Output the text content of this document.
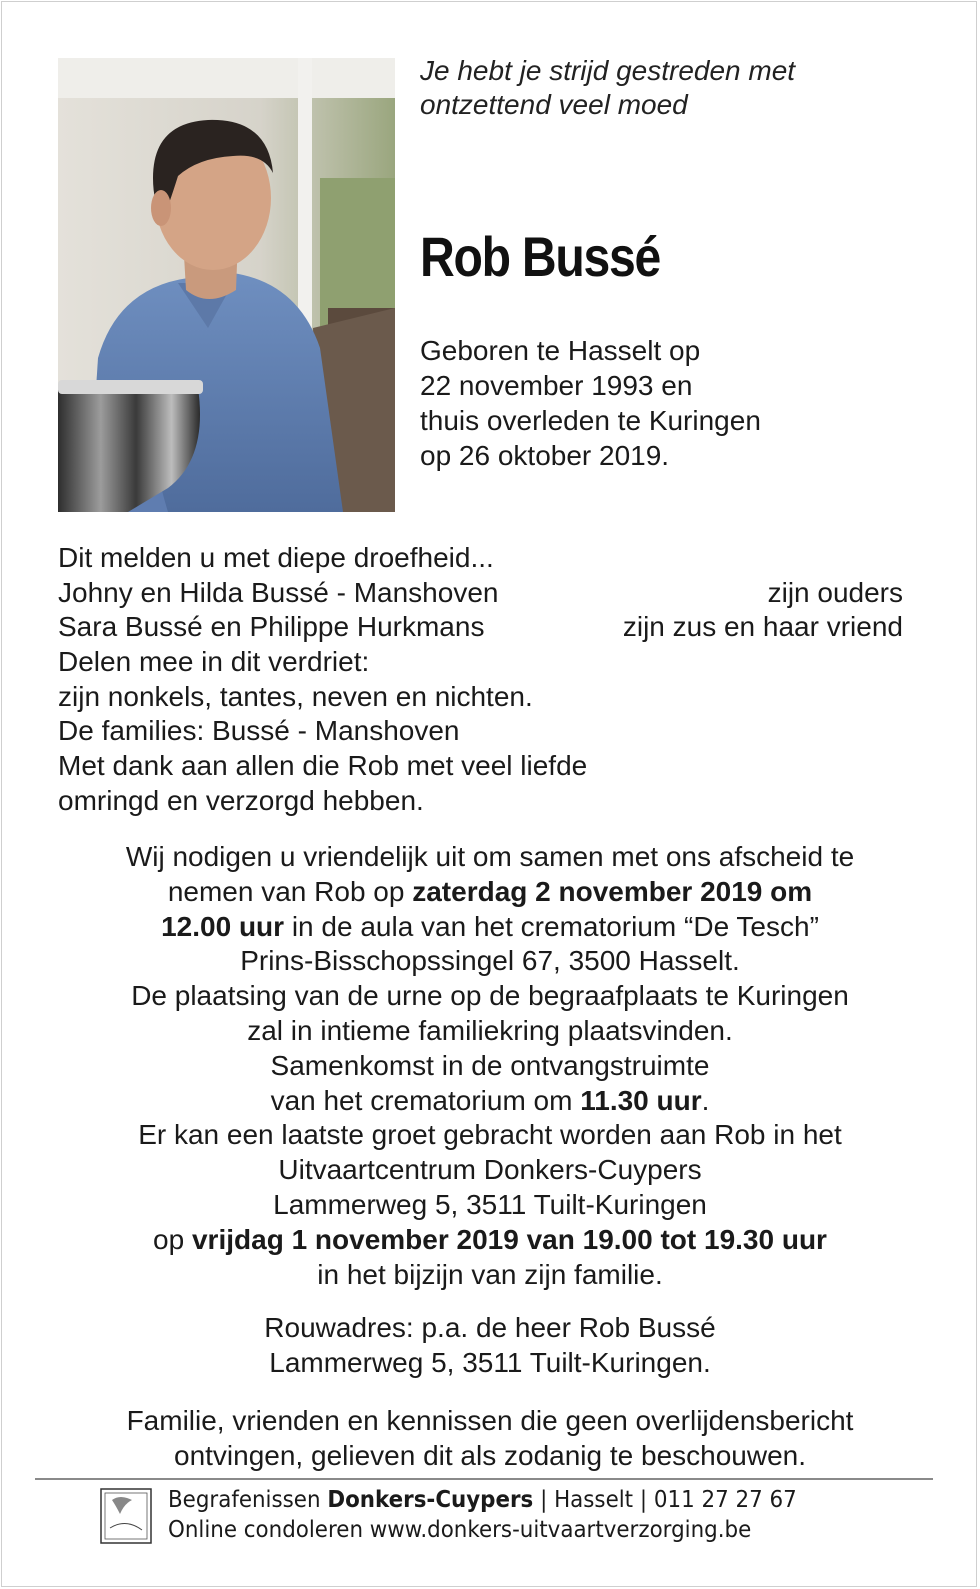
Je hebt je strijd gestreden met
ontzettend veel moed
Rob Bussé
Geboren te Hasselt op
22 november 1993 en
thuis overleden te Kuringen
op 26 oktober 2019.
Dit melden u met diepe droefheid...
Johny en Hilda Bussé - Manshoven	zijn ouders
Sara Bussé en Philippe Hurkmans	zijn zus en haar vriend
Delen mee in dit verdriet:
zijn nonkels, tantes, neven en nichten.
De families: Bussé - Manshoven
Met dank aan allen die Rob met veel liefde
omringd en verzorgd hebben.

Wij nodigen u vriendelijk uit om samen met ons afscheid te

nemen van Rob op zaterdag 2 november 2019 om

12.00 uur in de aula van het crematorium “De Tesch”

Prins-Bisschopssingel 67, 3500 Hasselt.

De plaatsing van de urne op de begraafplaats te Kuringen

zal in intieme familiekring plaatsvinden.

Samenkomst in de ontvangstruimte

van het crematorium om 11.30 uur.

Er kan een laatste groet gebracht worden aan Rob in het

Uitvaartcentrum Donkers-Cuypers

Lammerweg 5, 3511 Tuilt-Kuringen

op vrijdag 1 november 2019 van 19.00 tot 19.30 uur

in het bijzijn van zijn familie.

Rouwadres: p.a. de heer Rob Bussé

Lammerweg 5, 3511 Tuilt-Kuringen.

Familie, vrienden en kennissen die geen overlijdensbericht

ontvingen, gelieven dit als zodanig te beschouwen.

Begrafenissen Donkers-Cuypers | Hasselt | 011 27 27 67
Online condoleren www.donkers-uitvaartverzorging.be
